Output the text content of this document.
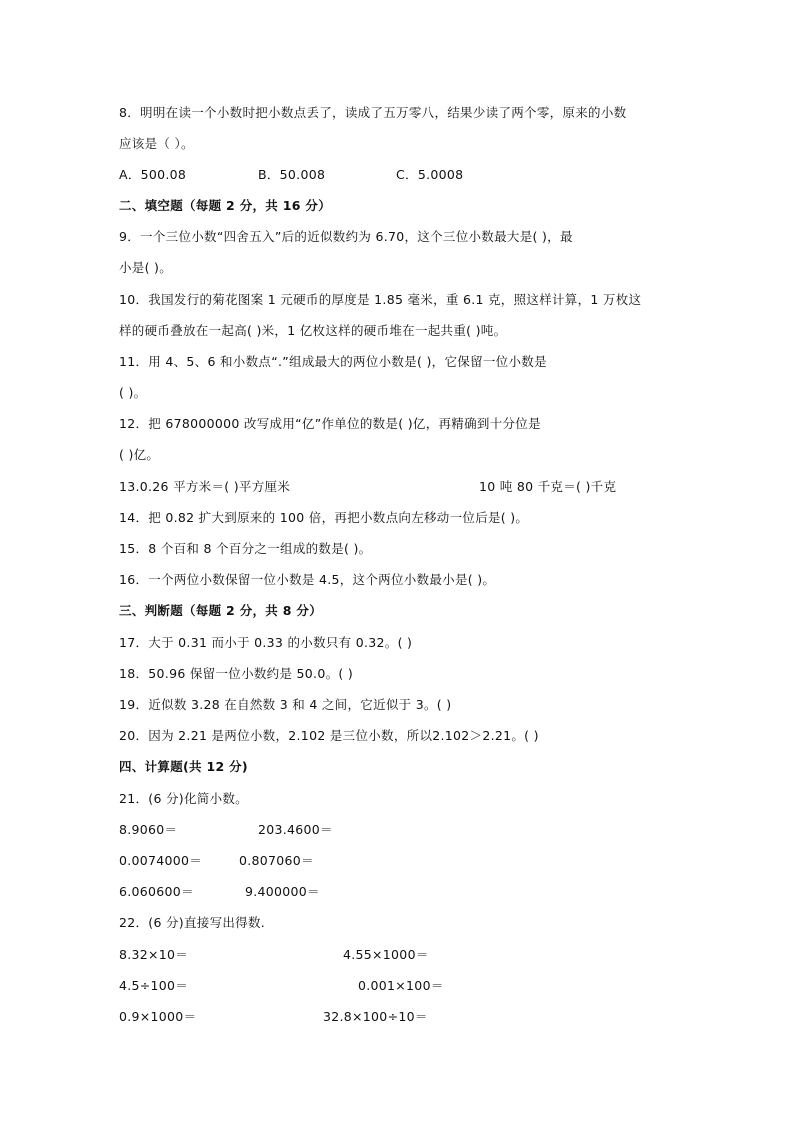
8．明明在读一个小数时把小数点丢了，读成了五万零八，结果少读了两个零，原来的小数
应该是（ ）。
A．500.08	B．50.008	C．5.0008
二、填空题（每题 2 分，共 16 分）
9．一个三位小数“四舍五入”后的近似数约为 6.70，这个三位小数最大是( )，最
小是( )。
10．我国发行的菊花图案 1 元硬币的厚度是 1.85 毫米，重 6.1 克，照这样计算，1 万枚这
样的硬币叠放在一起高( )米，1 亿枚这样的硬币堆在一起共重( )吨。
11．用 4、5、6 和小数点“.”组成最大的两位小数是( )，它保留一位小数是
( )。
12．把 678000000 改写成用“亿”作单位的数是( )亿，再精确到十分位是
( )亿。
13.0.26 平方米＝( )平方厘米	10 吨 80 千克＝( )千克
14．把 0.82 扩大到原来的 100 倍，再把小数点向左移动一位后是( )。
15．8 个百和 8 个百分之一组成的数是( )。
16．一个两位小数保留一位小数是 4.5，这个两位小数最小是( )。
三、判断题（每题 2 分，共 8 分）
17．大于 0.31 而小于 0.33 的小数只有 0.32。( )
18．50.96 保留一位小数约是 50.0。( )
19．近似数 3.28 在自然数 3 和 4 之间，它近似于 3。( )
20．因为 2.21 是两位小数，2.102 是三位小数，所以2.102＞2.21。( )
四、计算题(共 12 分)
21．(6 分)化简小数。
8.9060＝	203.4600＝
0.0074000＝	0.807060＝
6.060600＝	9.400000＝
22．(6 分)直接写出得数.
8.32×10＝	4.55×1000＝
4.5÷100＝	0.001×100＝
0.9×1000＝	32.8×100÷10＝
